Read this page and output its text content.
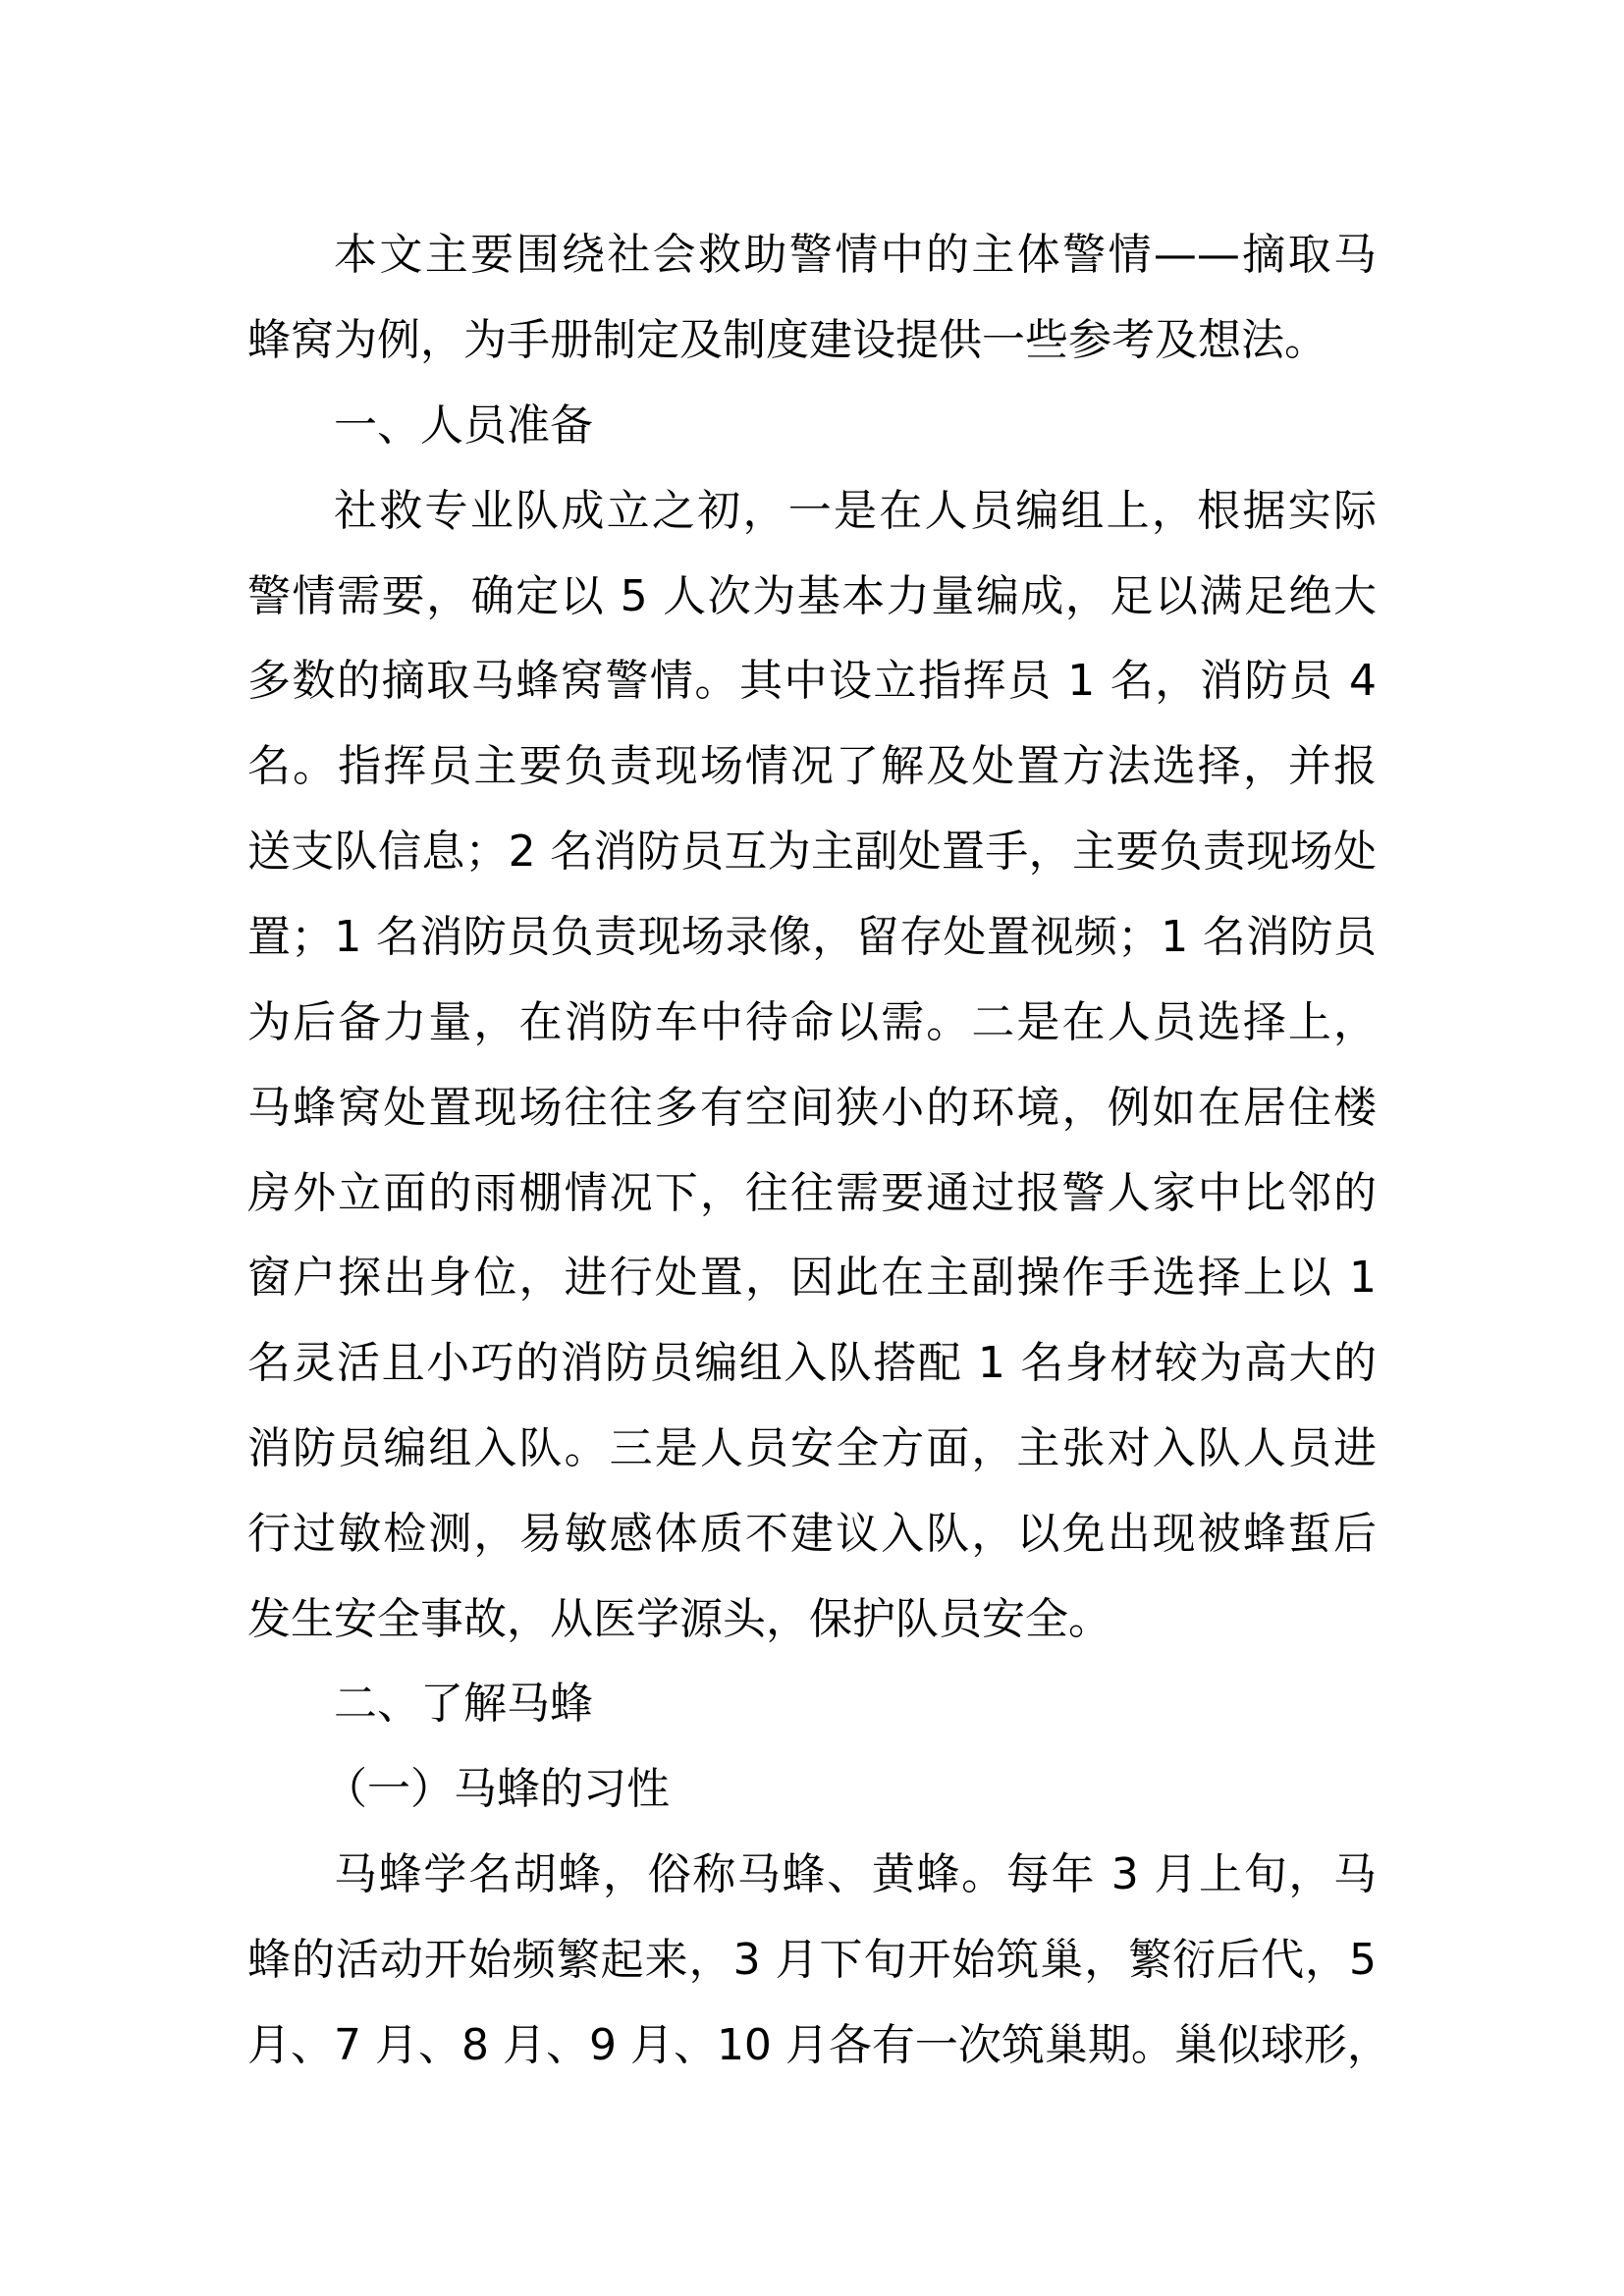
本文主要围绕社会救助警情中的主体警情——摘取马
蜂窝为例，为手册制定及制度建设提供一些参考及想法。
一、人员准备
社救专业队成立之初，一是在人员编组上，根据实际
警情需要，确定以 5 人次为基本力量编成，足以满足绝大
多数的摘取马蜂窝警情。其中设立指挥员 1 名，消防员 4
名。指挥员主要负责现场情况了解及处置方法选择，并报
送支队信息；2 名消防员互为主副处置手，主要负责现场处
置；1 名消防员负责现场录像，留存处置视频；1 名消防员
为后备力量，在消防车中待命以需。二是在人员选择上，
马蜂窝处置现场往往多有空间狭小的环境，例如在居住楼
房外立面的雨棚情况下，往往需要通过报警人家中比邻的
窗户探出身位，进行处置，因此在主副操作手选择上以 1
名灵活且小巧的消防员编组入队搭配 1 名身材较为高大的
消防员编组入队。三是人员安全方面，主张对入队人员进
行过敏检测，易敏感体质不建议入队，以免出现被蜂蜇后
发生安全事故，从医学源头，保护队员安全。
二、了解马蜂
（一）马蜂的习性
马蜂学名胡蜂，俗称马蜂、黄蜂。每年 3 月上旬，马
蜂的活动开始频繁起来，3 月下旬开始筑巢，繁衍后代，5
月、7 月、8 月、9 月、10 月各有一次筑巢期。巢似球形，
